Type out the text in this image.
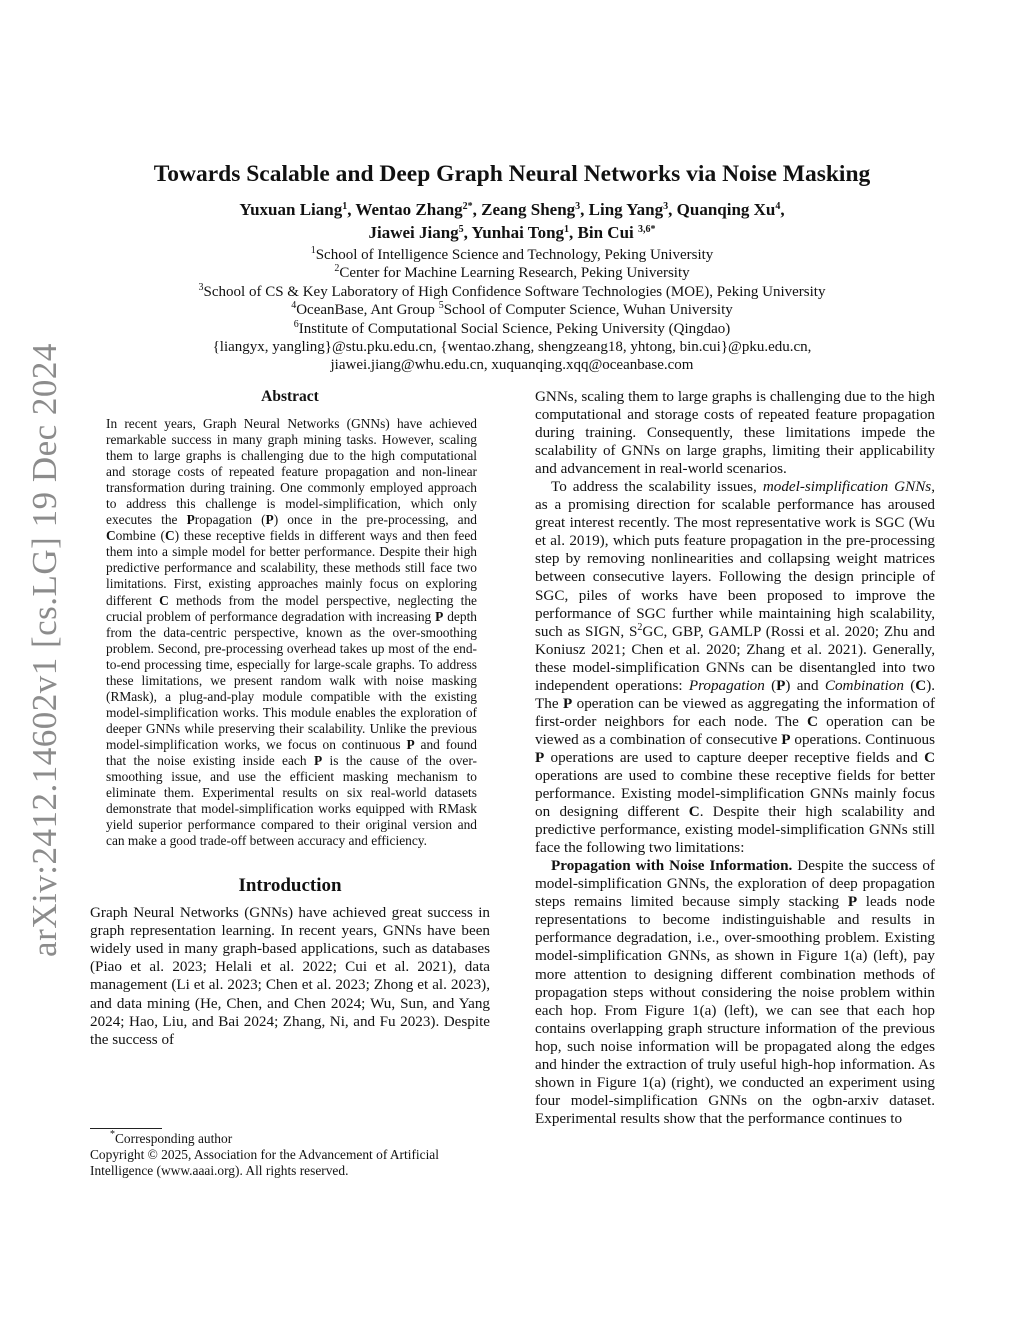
arXiv:2412.14602v1 [cs.LG] 19 Dec 2024
Towards Scalable and Deep Graph Neural Networks via Noise Masking
Yuxuan Liang$^1$, Wentao Zhang$^{2*}$, Zeang Sheng$^3$, Ling Yang$^3$, Quanqing Xu$^4$,
Jiawei Jiang$^5$, Yunhai Tong$^1$, Bin Cui $^{3,6*}$
$^1$School of Intelligence Science and Technology, Peking University
$^2$Center for Machine Learning Research, Peking University
$^3$School of CS & Key Laboratory of High Confidence Software Technologies (MOE), Peking University
$^4$OceanBase, Ant Group $^5$School of Computer Science, Wuhan University
$^6$Institute of Computational Social Science, Peking University (Qingdao)
{liangyx, yangling}@stu.pku.edu.cn, {wentao.zhang, shengzeang18, yhtong, bin.cui}@pku.edu.cn,
jiawei.jiang@whu.edu.cn, xuquanqing.xqq@oceanbase.com
Abstract

In recent years, Graph Neural Networks (GNNs) have achieved remarkable success in many graph mining tasks. However, scaling them to large graphs is challenging due to the high computational and storage costs of repeated feature propagation and non-linear transformation during training. One commonly employed approach to address this challenge is model-simplification, which only executes the Propagation (P) once in the pre-processing, and Combine (C) these receptive fields in different ways and then feed them into a simple model for better performance. Despite their high predictive performance and scalability, these methods still face two limitations. First, existing approaches mainly focus on exploring different C methods from the model perspective, neglecting the crucial problem of performance degradation with increasing P depth from the data-centric perspective, known as the over-smoothing problem. Second, pre-processing overhead takes up most of the end-to-end processing time, especially for large-scale graphs. To address these limitations, we present random walk with noise masking (RMask), a plug-and-play module compatible with the existing model-simplification works. This module enables the exploration of deeper GNNs while preserving their scalability. Unlike the previous model-simplification works, we focus on continuous P and found that the noise existing inside each P is the cause of the over-smoothing issue, and use the efficient masking mechanism to eliminate them. Experimental results on six real-world datasets demonstrate that model-simplification works equipped with RMask yield superior performance compared to their original version and can make a good trade-off between accuracy and efficiency.

Introduction

Graph Neural Networks (GNNs) have achieved great success in graph representation learning. In recent years, GNNs have been widely used in many graph-based applications, such as databases (Piao et al. 2023; Helali et al. 2022; Cui et al. 2021), data management (Li et al. 2023; Chen et al. 2023; Zhong et al. 2023), and data mining (He, Chen, and Chen 2024; Wu, Sun, and Yang 2024; Hao, Liu, and Bai 2024; Zhang, Ni, and Fu 2023). Despite the success of

*Corresponding author
Copyright © 2025, Association for the Advancement of Artificial Intelligence (www.aaai.org). All rights reserved.

GNNs, scaling them to large graphs is challenging due to the high computational and storage costs of repeated feature propagation during training. Consequently, these limitations impede the scalability of GNNs on large graphs, limiting their applicability and advancement in real-world scenarios.

To address the scalability issues, model-simplification GNNs, as a promising direction for scalable performance has aroused great interest recently. The most representative work is SGC (Wu et al. 2019), which puts feature propagation in the pre-processing step by removing nonlinearities and collapsing weight matrices between consecutive layers. Following the design principle of SGC, piles of works have been proposed to improve the performance of SGC further while maintaining high scalability, such as SIGN, $S^2GC$, GBP, GAMLP (Rossi et al. 2020; Zhu and Koniusz 2021; Chen et al. 2020; Zhang et al. 2021). Generally, these model-simplification GNNs can be disentangled into two independent operations: Propagation (P) and Combination (C). The P operation can be viewed as aggregating the information of first-order neighbors for each node. The C operation can be viewed as a combination of consecutive P operations. Continuous P operations are used to capture deeper receptive fields and C operations are used to combine these receptive fields for better performance. Existing model-simplification GNNs mainly focus on designing different C. Despite their high scalability and predictive performance, existing model-simplification GNNs still face the following two limitations:

Propagation with Noise Information. Despite the success of model-simplification GNNs, the exploration of deep propagation steps remains limited because simply stacking P leads node representations to become indistinguishable and results in performance degradation, i.e., over-smoothing problem. Existing model-simplification GNNs, as shown in Figure 1(a) (left), pay more attention to designing different combination methods of propagation steps without considering the noise problem within each hop. From Figure 1(a) (left), we can see that each hop contains overlapping graph structure information of the previous hop, such noise information will be propagated along the edges and hinder the extraction of truly useful high-hop information. As shown in Figure 1(a) (right), we conducted an experiment using four model-simplification GNNs on the ogbn-arxiv dataset. Experimental results show that the performance continues to
